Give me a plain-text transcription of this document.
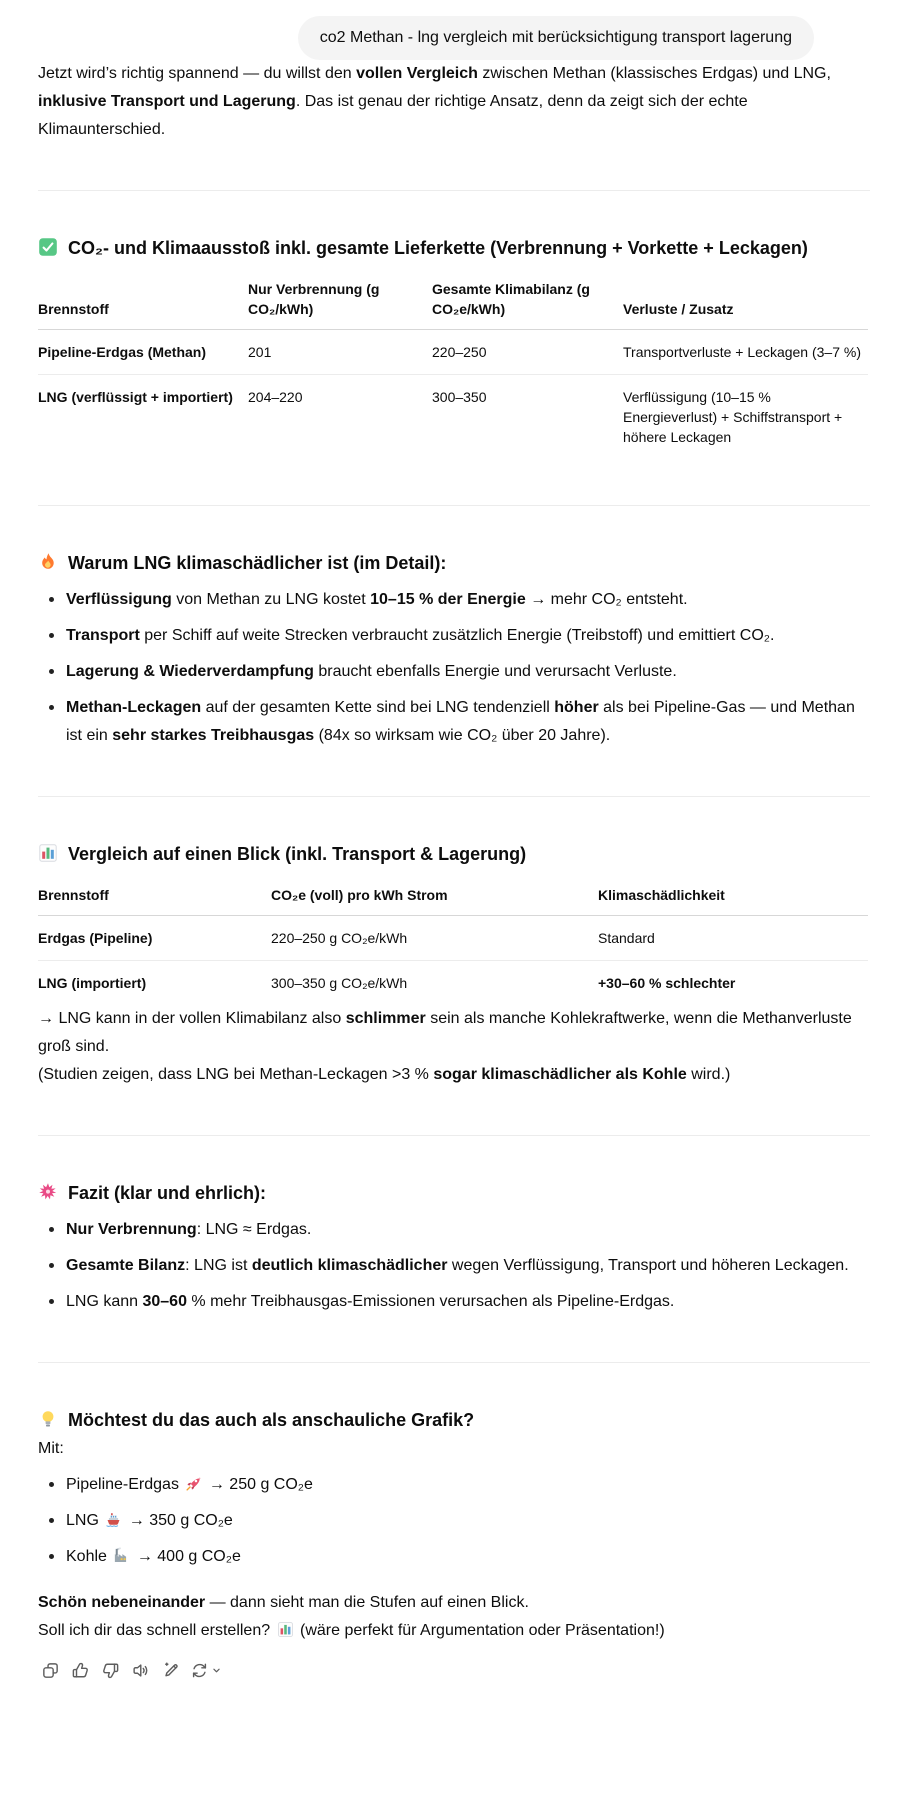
co2 Methan - lng vergleich mit berücksichtigung transport lagerung

Jetzt wird’s richtig spannend — du willst den vollen Vergleich zwischen Methan (klassisches Erdgas) und LNG, inklusive Transport und Lagerung. Das ist genau der richtige Ansatz, denn da zeigt sich der echte Klimaunterschied.

CO₂- und Klimaausstoß inkl. gesamte Lieferkette (Verbrennung + Vorkette + Leckagen)
Brennstoff	Nur Verbrennung (g CO₂/kWh)	Gesamte Klimabilanz (g CO₂e/kWh)	Verluste / Zusatz
Pipeline-Erdgas (Methan)	201	220–250	Transportverluste + Leckagen (3–7 %)
LNG (verflüssigt + importiert)	204–220	300–350	Verflüssigung (10–15 % Energieverlust) + Schiffstransport + höhere Leckagen
Warum LNG klimaschädlicher ist (im Detail):
Verflüssigung von Methan zu LNG kostet 10–15 % der Energie → mehr CO₂ entsteht.
Transport per Schiff auf weite Strecken verbraucht zusätzlich Energie (Treibstoff) und emittiert CO₂.
Lagerung & Wiederverdampfung braucht ebenfalls Energie und verursacht Verluste.
Methan-Leckagen auf der gesamten Kette sind bei LNG tendenziell höher als bei Pipeline-Gas — und Methan ist ein sehr starkes Treibhausgas (84x so wirksam wie CO₂ über 20 Jahre).
Vergleich auf einen Blick (inkl. Transport & Lagerung)
Brennstoff	CO₂e (voll) pro kWh Strom	Klimaschädlichkeit
Erdgas (Pipeline)	220–250 g CO₂e/kWh	Standard
LNG (importiert)	300–350 g CO₂e/kWh	+30–60 % schlechter

→ LNG kann in der vollen Klimabilanz also schlimmer sein als manche Kohlekraftwerke, wenn die Methanverluste groß sind.

(Studien zeigen, dass LNG bei Methan-Leckagen >3 % sogar klimaschädlicher als Kohle wird.)

Fazit (klar und ehrlich):
Nur Verbrennung: LNG ≈ Erdgas.
Gesamte Bilanz: LNG ist deutlich klimaschädlicher wegen Verflüssigung, Transport und höheren Leckagen.
LNG kann 30–60 % mehr Treibhausgas-Emissionen verursachen als Pipeline-Erdgas.
Möchtest du das auch als anschauliche Grafik?

Mit:

Pipeline-Erdgas
→ 250 g CO₂e
LNG
→ 350 g CO₂e
Kohle
→ 400 g CO₂e

Schön nebeneinander — dann sieht man die Stufen auf einen Blick.

Soll ich dir das schnell erstellen?
(wäre perfekt für Argumentation oder Präsentation!)
